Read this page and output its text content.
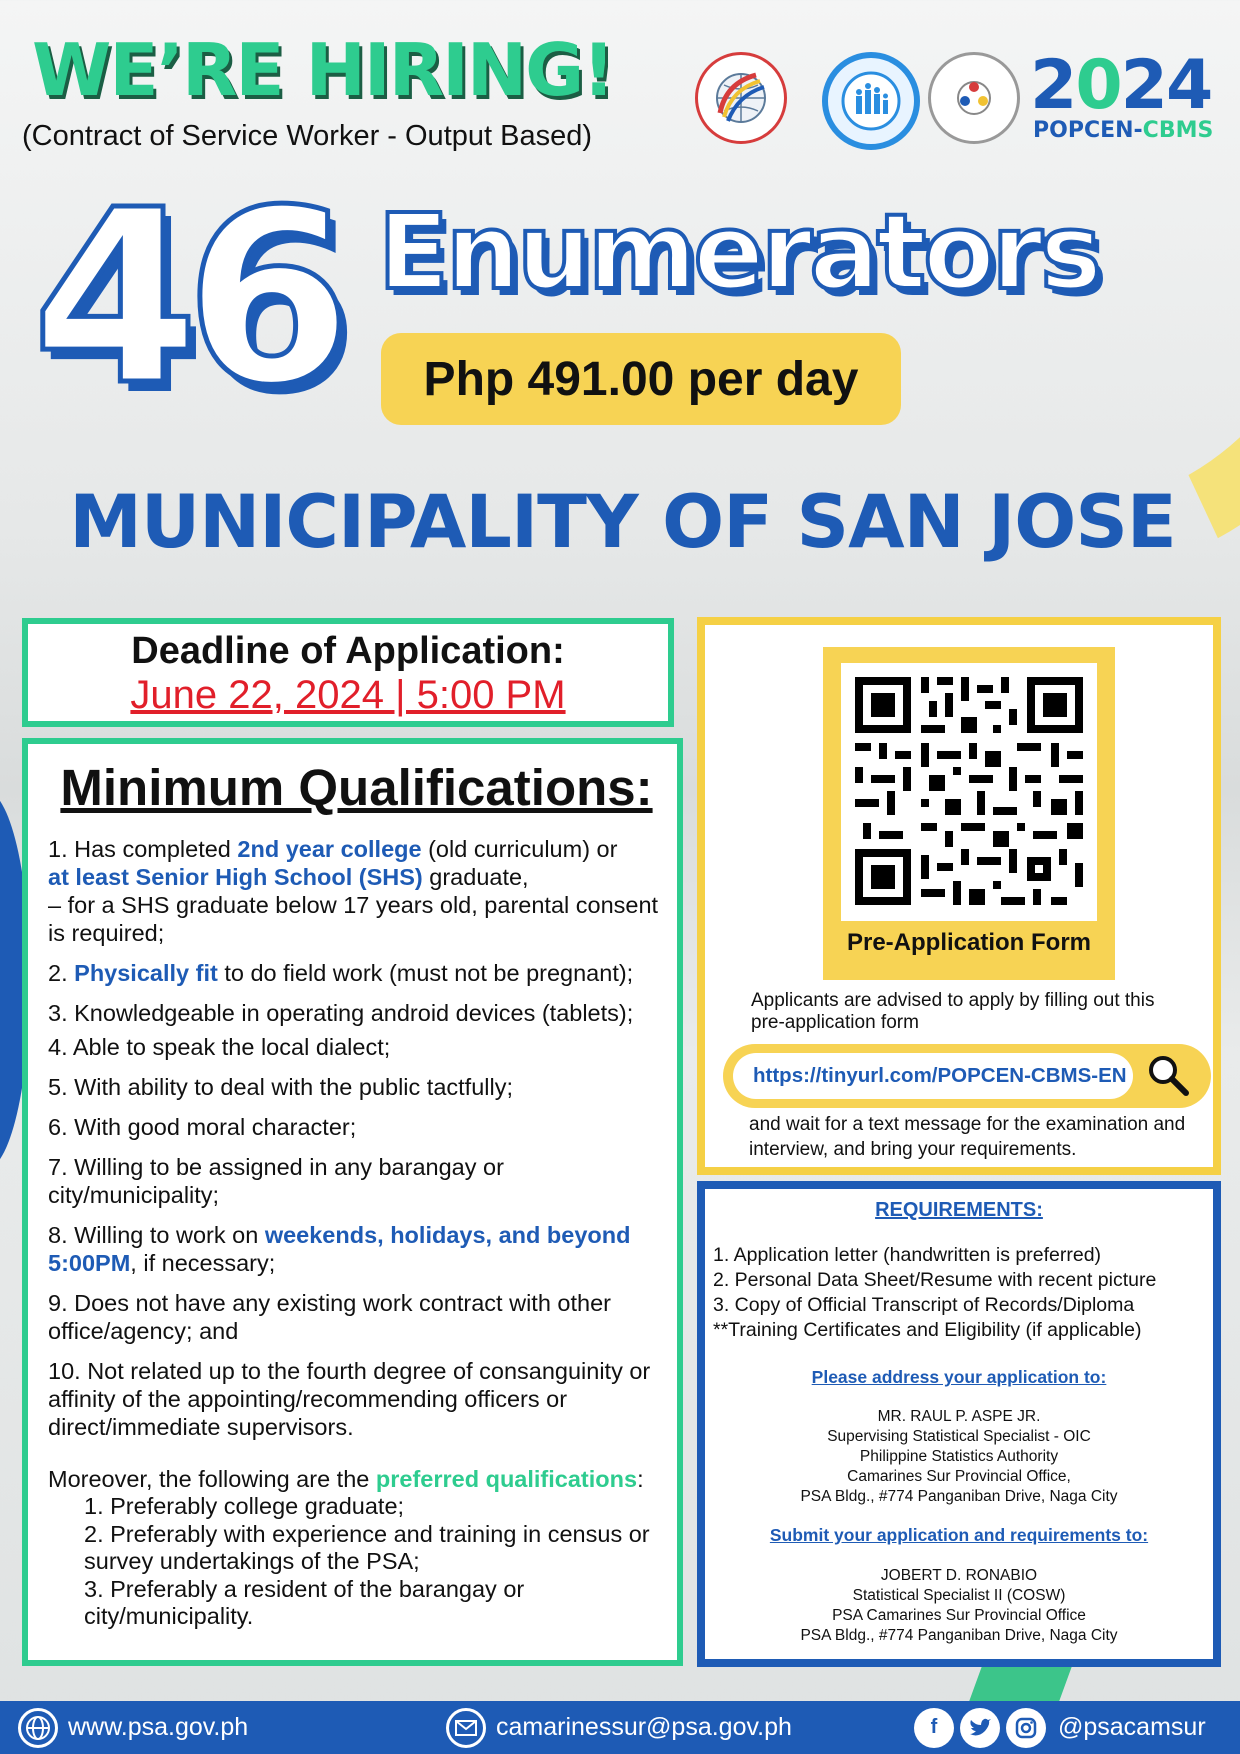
WE’RE HIRING!
(Contract of Service Worker - Output Based)
2024
POPCEN-CBMS
46 Enumerators
Php 491.00 per day
MUNICIPALITY OF SAN JOSE
Deadline of Application:
June 22, 2024 | 5:00 PM
Minimum Qualifications:
1. Has completed 2nd year college (old curriculum) or
at least Senior High School (SHS) graduate,
– for a SHS graduate below 17 years old, parental consent is required;
2. Physically fit to do field work (must not be pregnant);
3. Knowledgeable in operating android devices (tablets);
4. Able to speak the local dialect;
5. With ability to deal with the public tactfully;
6. With good moral character;
7. Willing to be assigned in any barangay or city/municipality;
8. Willing to work on weekends, holidays, and beyond 5:00PM, if necessary;
9. Does not have any existing work contract with other office/agency; and
10. Not related up to the fourth degree of consanguinity or affinity of the appointing/recommending officers or direct/immediate supervisors.
Moreover, the following are the preferred qualifications:
1. Preferably college graduate;
2. Preferably with experience and training in census or survey undertakings of the PSA;
3. Preferably a resident of the barangay or city/municipality.
Pre-Application Form
Applicants are advised to apply by filling out this pre-application form
https://tinyurl.com/POPCEN-CBMS-EN
and wait for a text message for the examination and interview, and bring your requirements.
REQUIREMENTS:
1. Application letter (handwritten is preferred)
2. Personal Data Sheet/Resume with recent picture
3. Copy of Official Transcript of Records/Diploma
**Training Certificates and Eligibility (if applicable)
Please address your application to:
MR. RAUL P. ASPE JR.
Supervising Statistical Specialist - OIC
Philippine Statistics Authority
Camarines Sur Provincial Office,
PSA Bldg., #774 Panganiban Drive, Naga City
Submit your application and requirements to:
JOBERT D. RONABIO
Statistical Specialist II (COSW)
PSA Camarines Sur Provincial Office
PSA Bldg., #774 Panganiban Drive, Naga City
www.psa.gov.ph	camarinessur@psa.gov.ph	f	@psacamsur
